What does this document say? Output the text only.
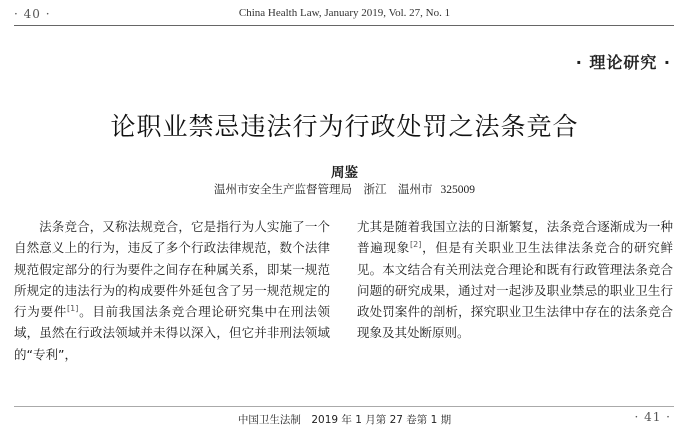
· 40 ·	China Health Law, January 2019, Vol. 27, No. 1
· 理论研究 ·
论职业禁忌违法行为行政处罚之法条竞合
周鉴
温州市安全生产监督管理局　浙江　温州市 325009
法条竞合，又称法规竞合，它是指行为人实施了一个自然意义上的行为，违反了多个行政法律规范，数个法律规范假定部分的行为要件之间存在种属关系，即某一规范所规定的违法行为的构成要件外延包含了另一规范规定的行为要件[1]。目前我国法条竞合理论研究集中在刑法领域，虽然在行政法领域并未得以深入，但它并非刑法领域的“专利”，
尤其是随着我国立法的日渐繁复，法条竞合逐渐成为一种普遍现象[2]，但是有关职业卫生法律法条竞合的研究鲜见。本文结合有关刑法竞合理论和既有行政管理法条竞合问题的研究成果，通过对一起涉及职业禁忌的职业卫生行政处罚案件的剖析，探究职业卫生法律中存在的法条竞合现象及其处断原则。
中国卫生法制　2019 年 1 月第 27 卷第 1 期	· 41 ·
